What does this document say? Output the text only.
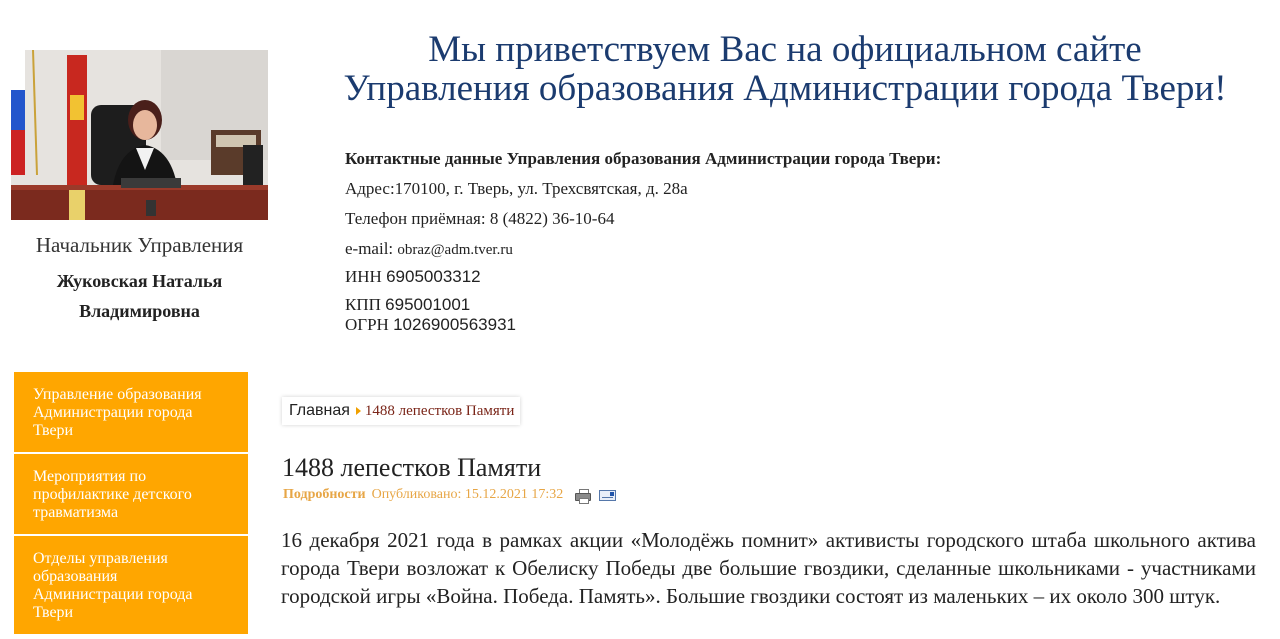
Начальник Управления
Жуковская Наталья
Владимировна
Управление образования
Администрации города
Твери
Мероприятия по
профилактике детского
травматизма
Отделы управления
образования
Администрации города
Твери
Мы приветствуем Вас на официальном сайте
Управления образования Администрации города Твери!
Контактные данные Управления образования Администрации города Твери:
Адрес:170100, г. Тверь, ул. Трехсвятская, д. 28а
Телефон приёмная: 8 (4822) 36-10-64
e-mail: obraz@adm.tver.ru
ИНН 6905003312
КПП 695001001
ОГРН 1026900563931
Главная 1488 лепестков Памяти
1488 лепестков Памяти
Подробности Опубликовано: 15.12.2021 17:32
16 декабря 2021 года в рамках акции «Молодёжь помнит» активисты городского штаба школьного актива города Твери возложат к Обелиску Победы две большие гвоздики, сделанные школьниками - участниками городской игры «Война. Победа. Память». Большие гвоздики состоят из маленьких – их около 300 штук.
